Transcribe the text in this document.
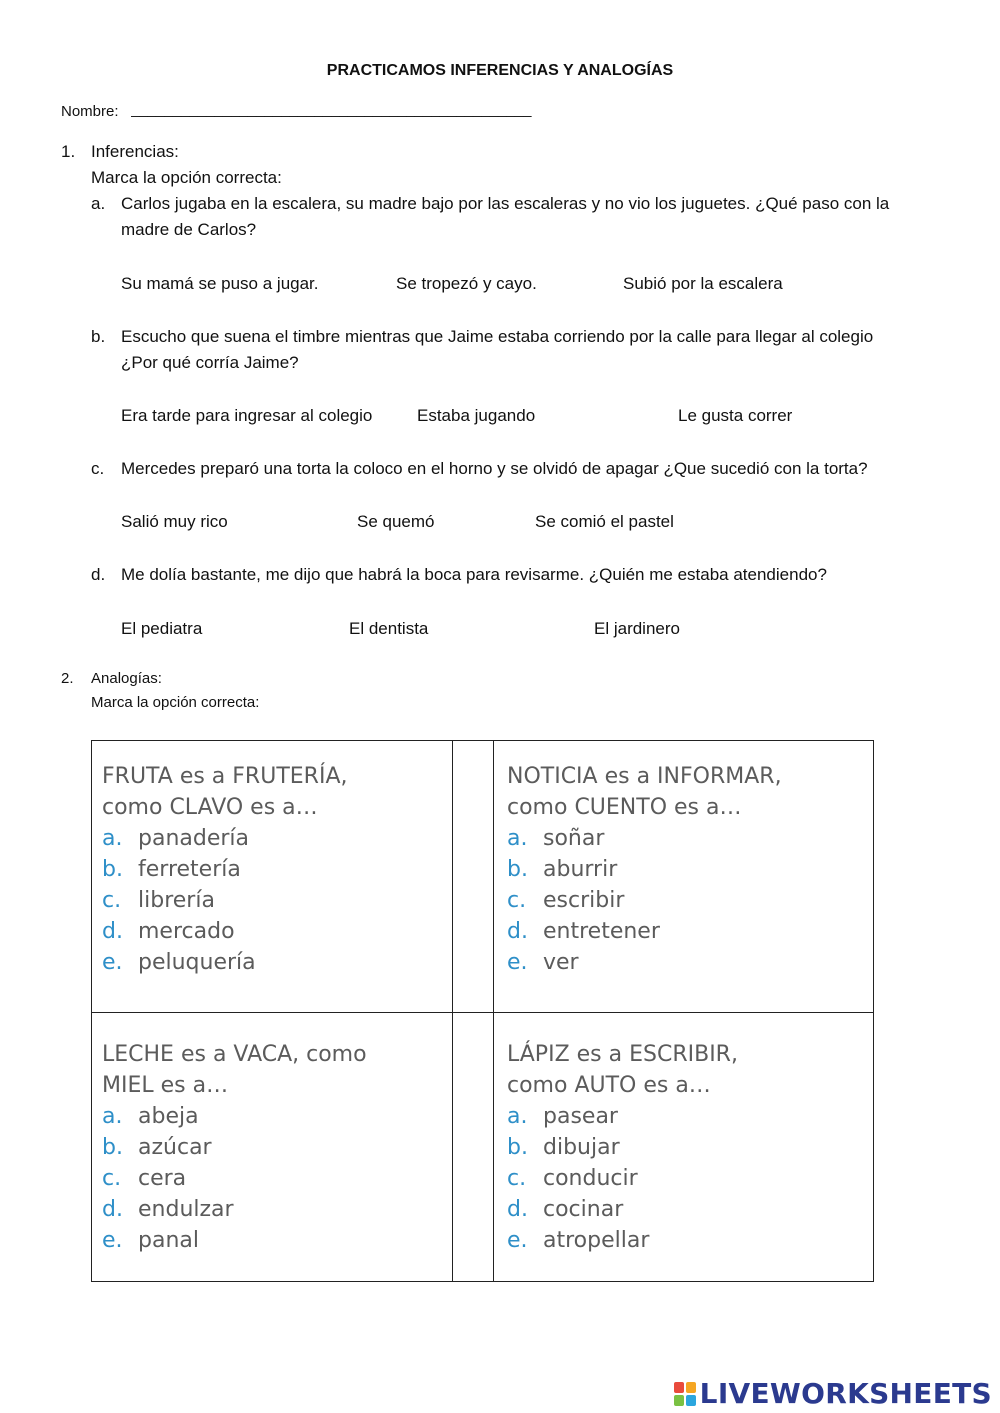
PRACTICAMOS INFERENCIAS Y ANALOGÍAS
Nombre: ________________________________________________
1. Inferencias:
Marca la opción correcta:
a. Carlos jugaba en la escalera, su madre bajo por las escaleras y no vio los juguetes. ¿Qué paso con la
madre de Carlos?
Su mamá se puso a jugar.	Se tropezó y cayo.	Subió por la escalera
b. Escucho que suena el timbre mientras que Jaime estaba corriendo por la calle para llegar al colegio
¿Por qué corría Jaime?
Era tarde para ingresar al colegio	Estaba jugando	Le gusta correr
c. Mercedes preparó una torta la coloco en el horno y se olvidó de apagar ¿Que sucedió con la torta?
Salió muy rico	Se quemó	Se comió el pastel
d. Me dolía bastante, me dijo que habrá la boca para revisarme. ¿Quién me estaba atendiendo?
El pediatra	El dentista	El jardinero
2. Analogías:
Marca la opción correcta:
FRUTA es a FRUTERÍA,
como CLAVO es a…
a. panadería
b. ferretería
c. librería
d. mercado
e. peluquería
NOTICIA es a INFORMAR,
como CUENTO es a…
a. soñar
b. aburrir
c. escribir
d. entretener
e. ver
LECHE es a VACA, como
MIEL es a…
a. abeja
b. azúcar
c. cera
d. endulzar
e. panal
LÁPIZ es a ESCRIBIR,
como AUTO es a…
a. pasear
b. dibujar
c. conducir
d. cocinar
e. atropellar
LIVEWORKSHEETS
